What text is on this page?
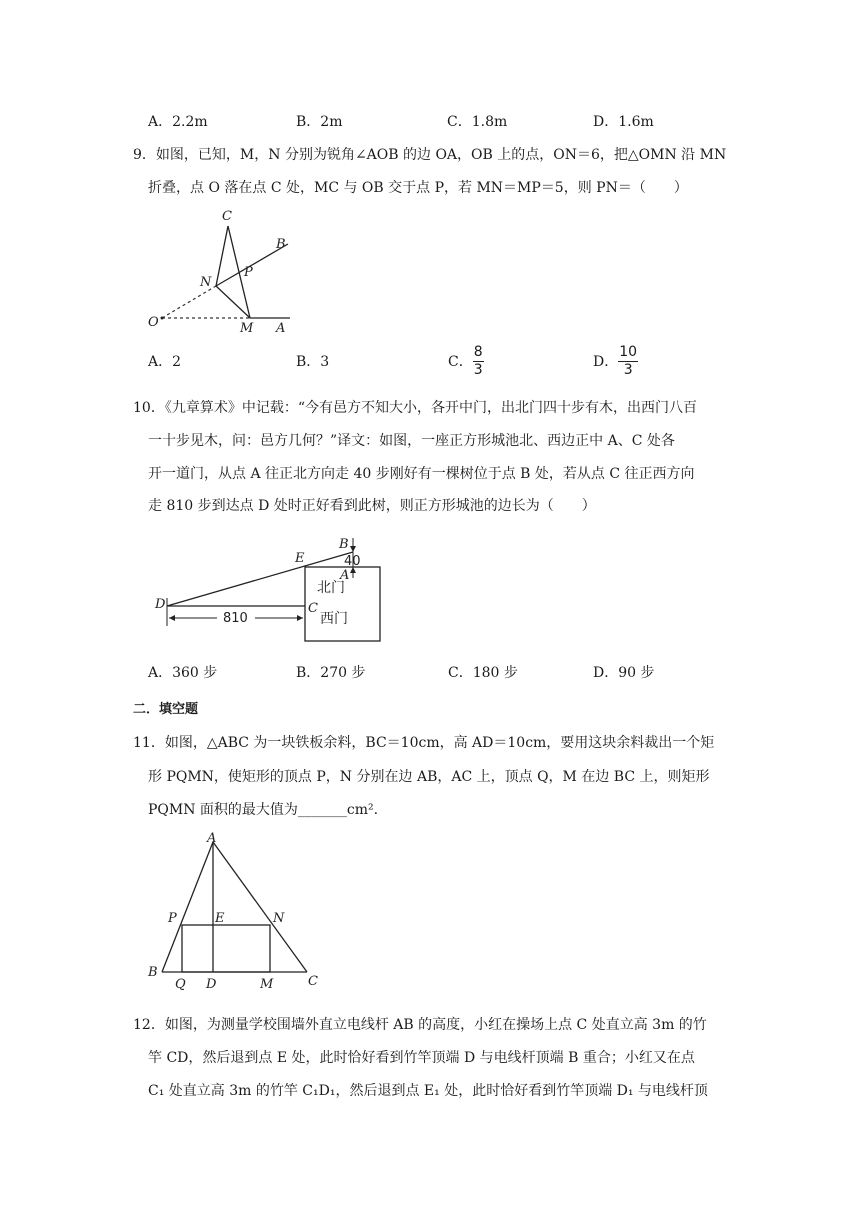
A．2.2m	B．2m	C．1.8m	D．1.6m
9．如图，已知，M，N 分别为锐角∠AOB 的边 OA，OB 上的点，ON＝6，把△OMN 沿 MN
折叠，点 O 落在点 C 处，MC 与 OB 交于点 P，若 MN＝MP＝5，则 PN＝（　　）
C
B
N
P
O	M A
A．2	B．3	C． $\frac{8}{3}$	D． $\frac{10}{3}$
10．《九章算术》中记载：“今有邑方不知大小，各开中门，出北门四十步有木，出西门八百
一十步见木，问：邑方几何？”译文：如图，一座正方形城池北、西边正中 A、C 处各
开一道门，从点 A 往正北方向走 40 步刚好有一棵树位于点 B 处，若从点 C 往正西方向
走 810 步到达点 D 处时正好看到此树，则正方形城池的边长为（　　）
810
40
B
E
A
C
D
北门
西门
A．360 步	B．270 步	C．180 步	D．90 步
二．填空题
11．如图，△ABC 为一块铁板余料，BC＝10cm，高 AD＝10cm，要用这块余料裁出一个矩
形 PQMN，使矩形的顶点 P，N 分别在边 AB，AC 上，顶点 Q，M 在边 BC 上，则矩形
PQMN 面积的最大值为_______cm².
A
P	E	N
B
Q D	M	C
12．如图，为测量学校围墙外直立电线杆 AB 的高度，小红在操场上点 C 处直立高 3m 的竹
竿 CD，然后退到点 E 处，此时恰好看到竹竿顶端 D 与电线杆顶端 B 重合；小红又在点
C₁ 处直立高 3m 的竹竿 C₁D₁，然后退到点 E₁ 处，此时恰好看到竹竿顶端 D₁ 与电线杆顶
